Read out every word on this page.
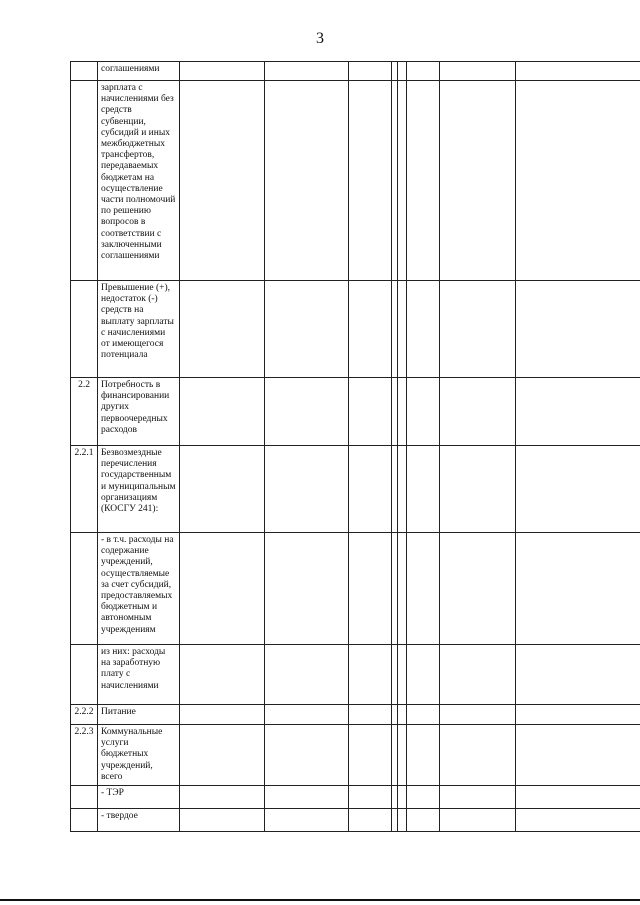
3
	соглашениями								
	зарплата с начислениями без средств субвенции, субсидий и иных межбюджетных трансфертов, передаваемых бюджетам на осуществление части полномочий по решению вопросов в соответствии с заключенными соглашениями								
	Превышение (+), недостаток (-) средств на выплату зарплаты с начислениями от имеющегося потенциала								
2.2	Потребность в финансировании других первоочередных расходов								
2.2.1	Безвозмездные перечисления государственным и муниципальным организациям (КОСГУ 241):								
	- в т.ч. расходы на содержание учреждений, осуществляемые за счет субсидий, предоставляемых бюджетным и автономным учреждениям								
	из них: расходы на заработную плату с начислениями								
2.2.2	Питание								
2.2.3	Коммунальные услуги бюджетных учреждений, всего								
	- ТЭР								
	- твердое								
